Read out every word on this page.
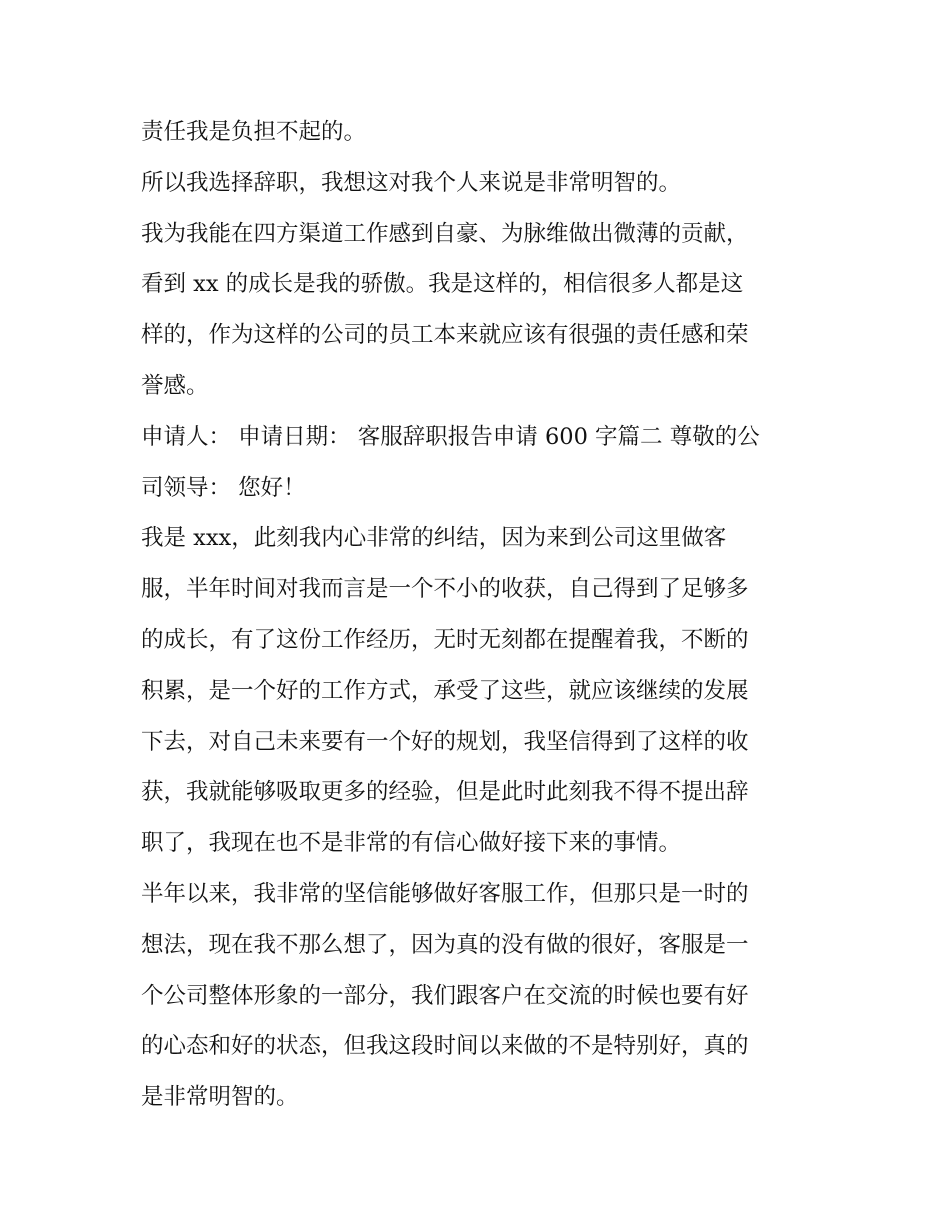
责任我是负担不起的。
所以我选择辞职，我想这对我个人来说是非常明智的。
我为我能在四方渠道工作感到自豪、为脉维做出微薄的贡献，
看到 xx 的成长是我的骄傲。我是这样的，相信很多人都是这
样的，作为这样的公司的员工本来就应该有很强的责任感和荣
誉感。
申请人： 申请日期： 客服辞职报告申请 600 字篇二 尊敬的公
司领导： 您好！
我是 xxx，此刻我内心非常的纠结，因为来到公司这里做客
服，半年时间对我而言是一个不小的收获，自己得到了足够多
的成长，有了这份工作经历，无时无刻都在提醒着我，不断的
积累，是一个好的工作方式，承受了这些，就应该继续的发展
下去，对自己未来要有一个好的规划，我坚信得到了这样的收
获，我就能够吸取更多的经验，但是此时此刻我不得不提出辞
职了，我现在也不是非常的有信心做好接下来的事情。
半年以来，我非常的坚信能够做好客服工作，但那只是一时的
想法，现在我不那么想了，因为真的没有做的很好，客服是一
个公司整体形象的一部分，我们跟客户在交流的时候也要有好
的心态和好的状态，但我这段时间以来做的不是特别好，真的
是非常明智的。
